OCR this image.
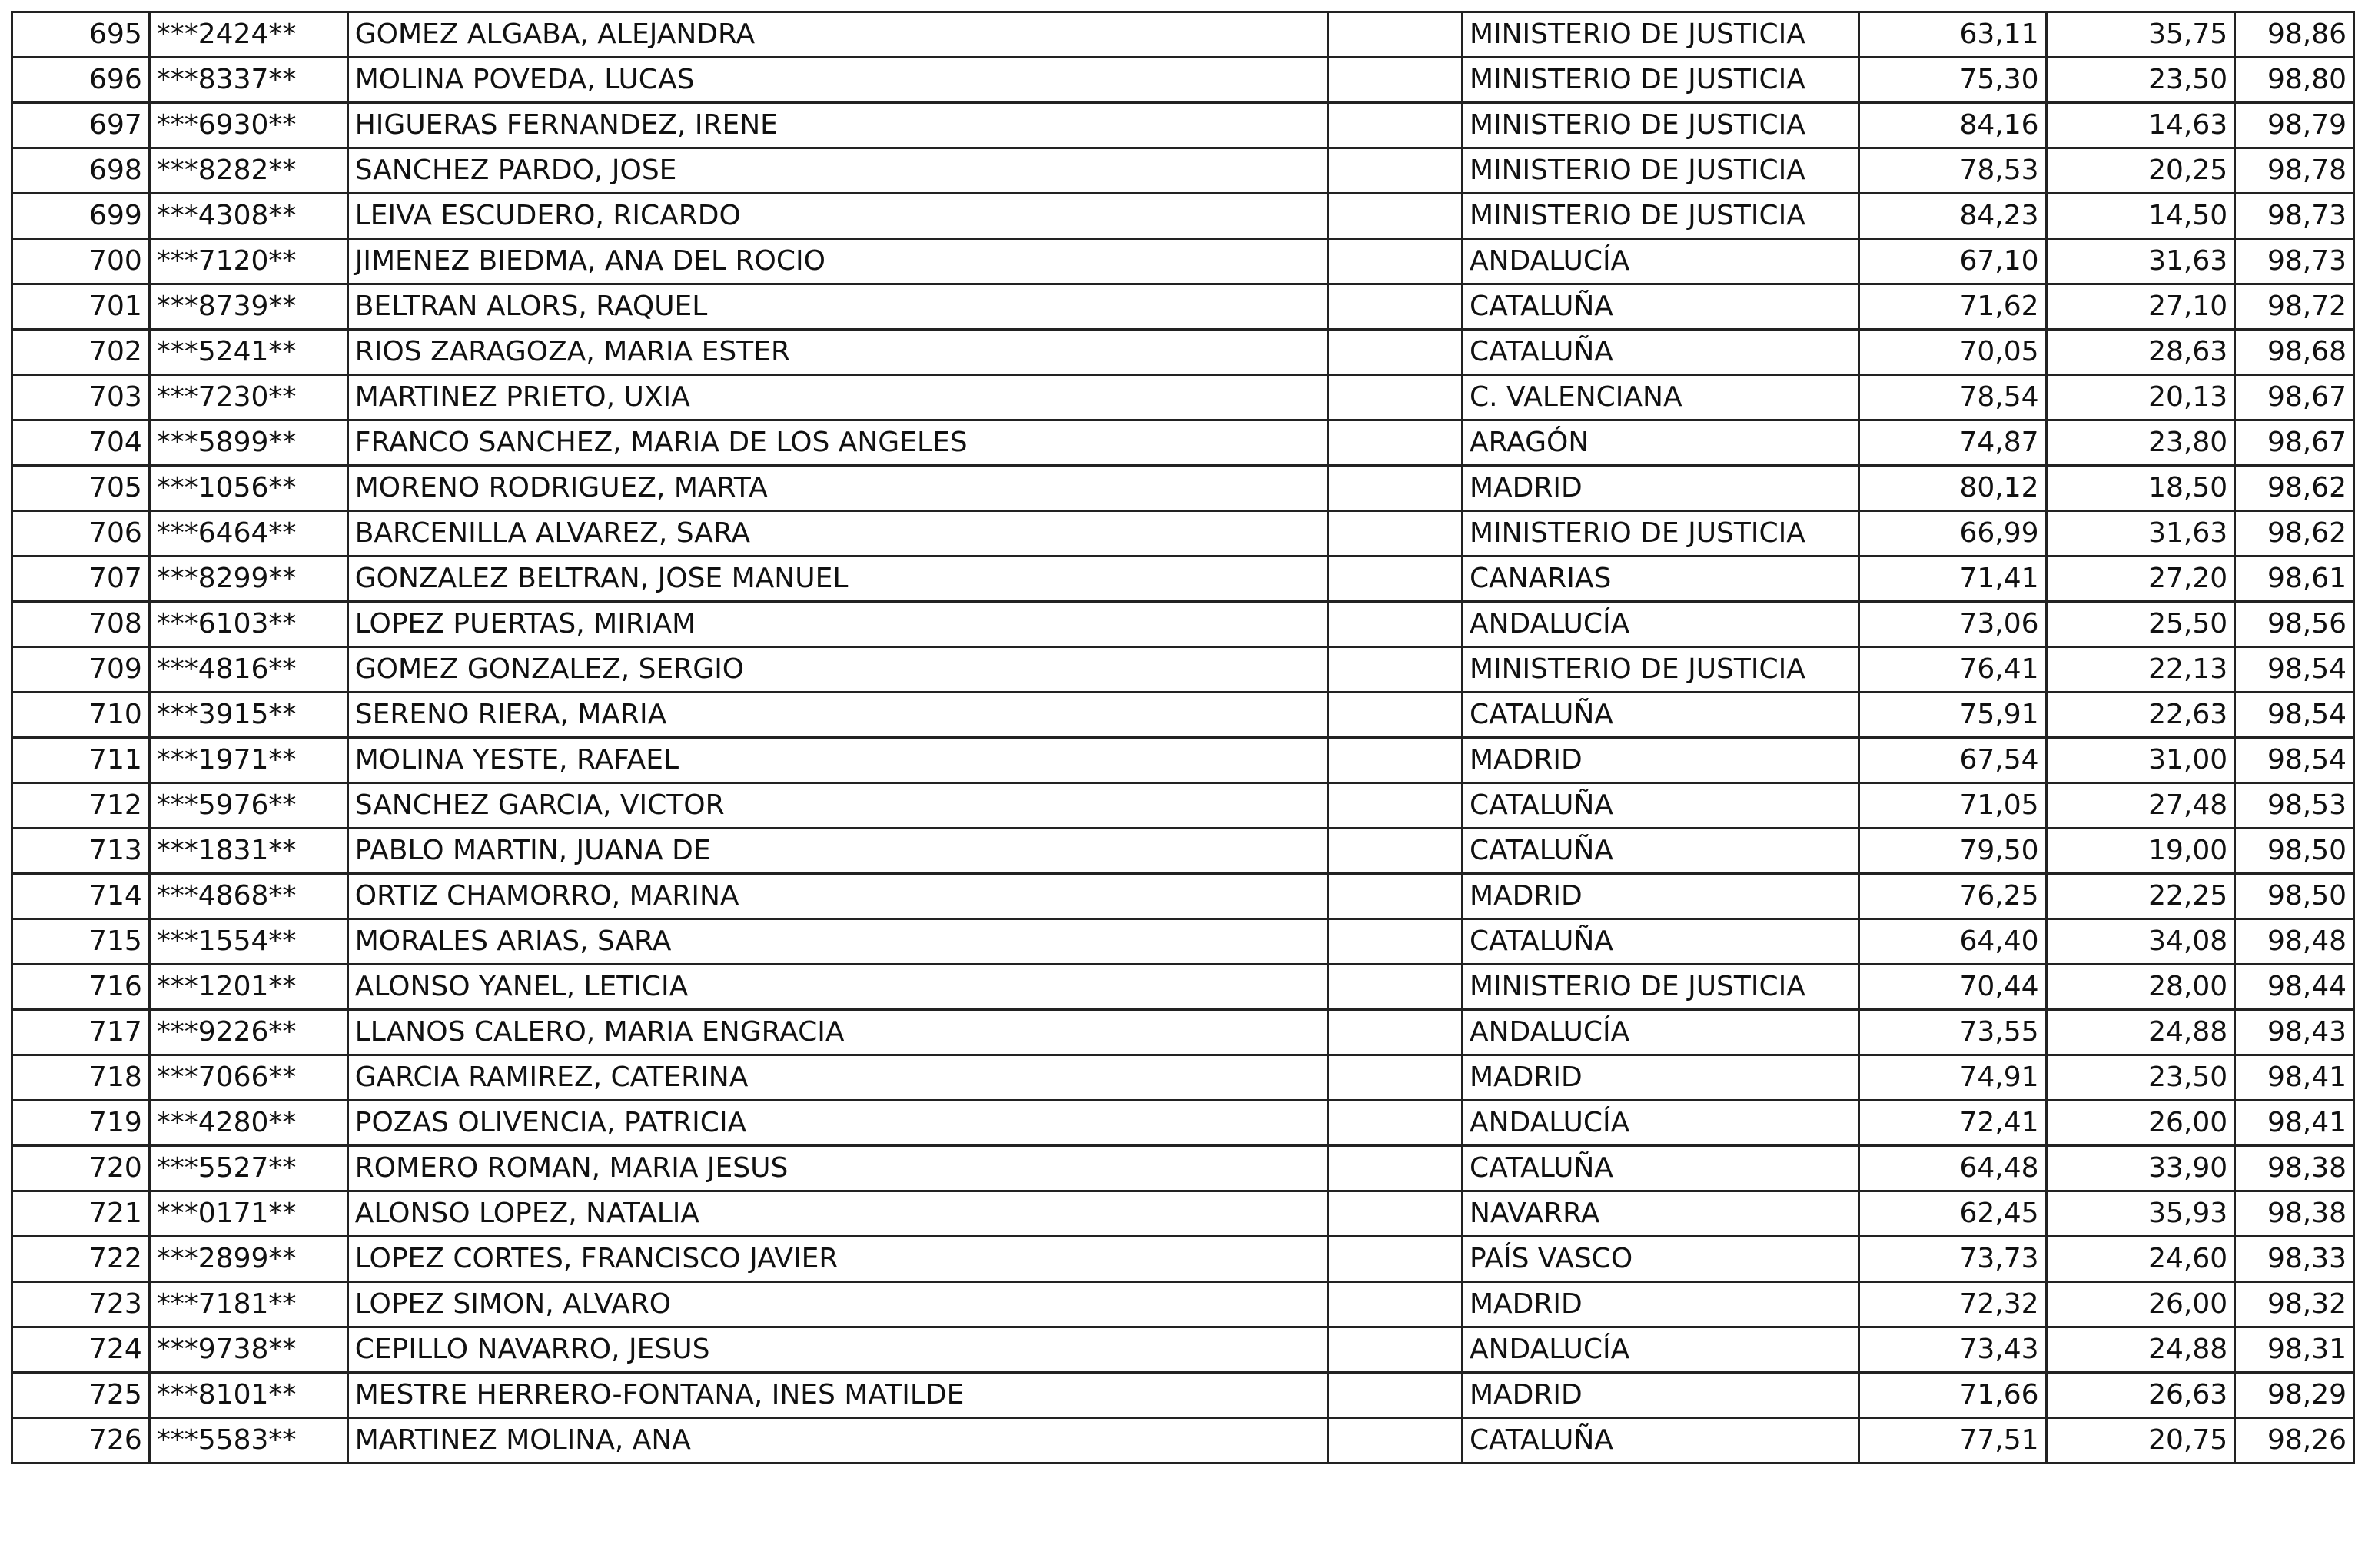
695	***2424**	GOMEZ ALGABA, ALEJANDRA		MINISTERIO DE JUSTICIA	63,11	35,75	98,86
696	***8337**	MOLINA POVEDA, LUCAS		MINISTERIO DE JUSTICIA	75,30	23,50	98,80
697	***6930**	HIGUERAS FERNANDEZ, IRENE		MINISTERIO DE JUSTICIA	84,16	14,63	98,79
698	***8282**	SANCHEZ PARDO, JOSE		MINISTERIO DE JUSTICIA	78,53	20,25	98,78
699	***4308**	LEIVA ESCUDERO, RICARDO		MINISTERIO DE JUSTICIA	84,23	14,50	98,73
700	***7120**	JIMENEZ BIEDMA, ANA DEL ROCIO		ANDALUCÍA	67,10	31,63	98,73
701	***8739**	BELTRAN ALORS, RAQUEL		CATALUÑA	71,62	27,10	98,72
702	***5241**	RIOS ZARAGOZA, MARIA ESTER		CATALUÑA	70,05	28,63	98,68
703	***7230**	MARTINEZ PRIETO, UXIA		C. VALENCIANA	78,54	20,13	98,67
704	***5899**	FRANCO SANCHEZ, MARIA DE LOS ANGELES		ARAGÓN	74,87	23,80	98,67
705	***1056**	MORENO RODRIGUEZ, MARTA		MADRID	80,12	18,50	98,62
706	***6464**	BARCENILLA ALVAREZ, SARA		MINISTERIO DE JUSTICIA	66,99	31,63	98,62
707	***8299**	GONZALEZ BELTRAN, JOSE MANUEL		CANARIAS	71,41	27,20	98,61
708	***6103**	LOPEZ PUERTAS, MIRIAM		ANDALUCÍA	73,06	25,50	98,56
709	***4816**	GOMEZ GONZALEZ, SERGIO		MINISTERIO DE JUSTICIA	76,41	22,13	98,54
710	***3915**	SERENO RIERA, MARIA		CATALUÑA	75,91	22,63	98,54
711	***1971**	MOLINA YESTE, RAFAEL		MADRID	67,54	31,00	98,54
712	***5976**	SANCHEZ GARCIA, VICTOR		CATALUÑA	71,05	27,48	98,53
713	***1831**	PABLO MARTIN, JUANA DE		CATALUÑA	79,50	19,00	98,50
714	***4868**	ORTIZ CHAMORRO, MARINA		MADRID	76,25	22,25	98,50
715	***1554**	MORALES ARIAS, SARA		CATALUÑA	64,40	34,08	98,48
716	***1201**	ALONSO YANEL, LETICIA		MINISTERIO DE JUSTICIA	70,44	28,00	98,44
717	***9226**	LLANOS CALERO, MARIA ENGRACIA		ANDALUCÍA	73,55	24,88	98,43
718	***7066**	GARCIA RAMIREZ, CATERINA		MADRID	74,91	23,50	98,41
719	***4280**	POZAS OLIVENCIA, PATRICIA		ANDALUCÍA	72,41	26,00	98,41
720	***5527**	ROMERO ROMAN, MARIA JESUS		CATALUÑA	64,48	33,90	98,38
721	***0171**	ALONSO LOPEZ, NATALIA		NAVARRA	62,45	35,93	98,38
722	***2899**	LOPEZ CORTES, FRANCISCO JAVIER		PAÍS VASCO	73,73	24,60	98,33
723	***7181**	LOPEZ SIMON, ALVARO		MADRID	72,32	26,00	98,32
724	***9738**	CEPILLO NAVARRO, JESUS		ANDALUCÍA	73,43	24,88	98,31
725	***8101**	MESTRE HERRERO-FONTANA, INES MATILDE		MADRID	71,66	26,63	98,29
726	***5583**	MARTINEZ MOLINA, ANA		CATALUÑA	77,51	20,75	98,26
